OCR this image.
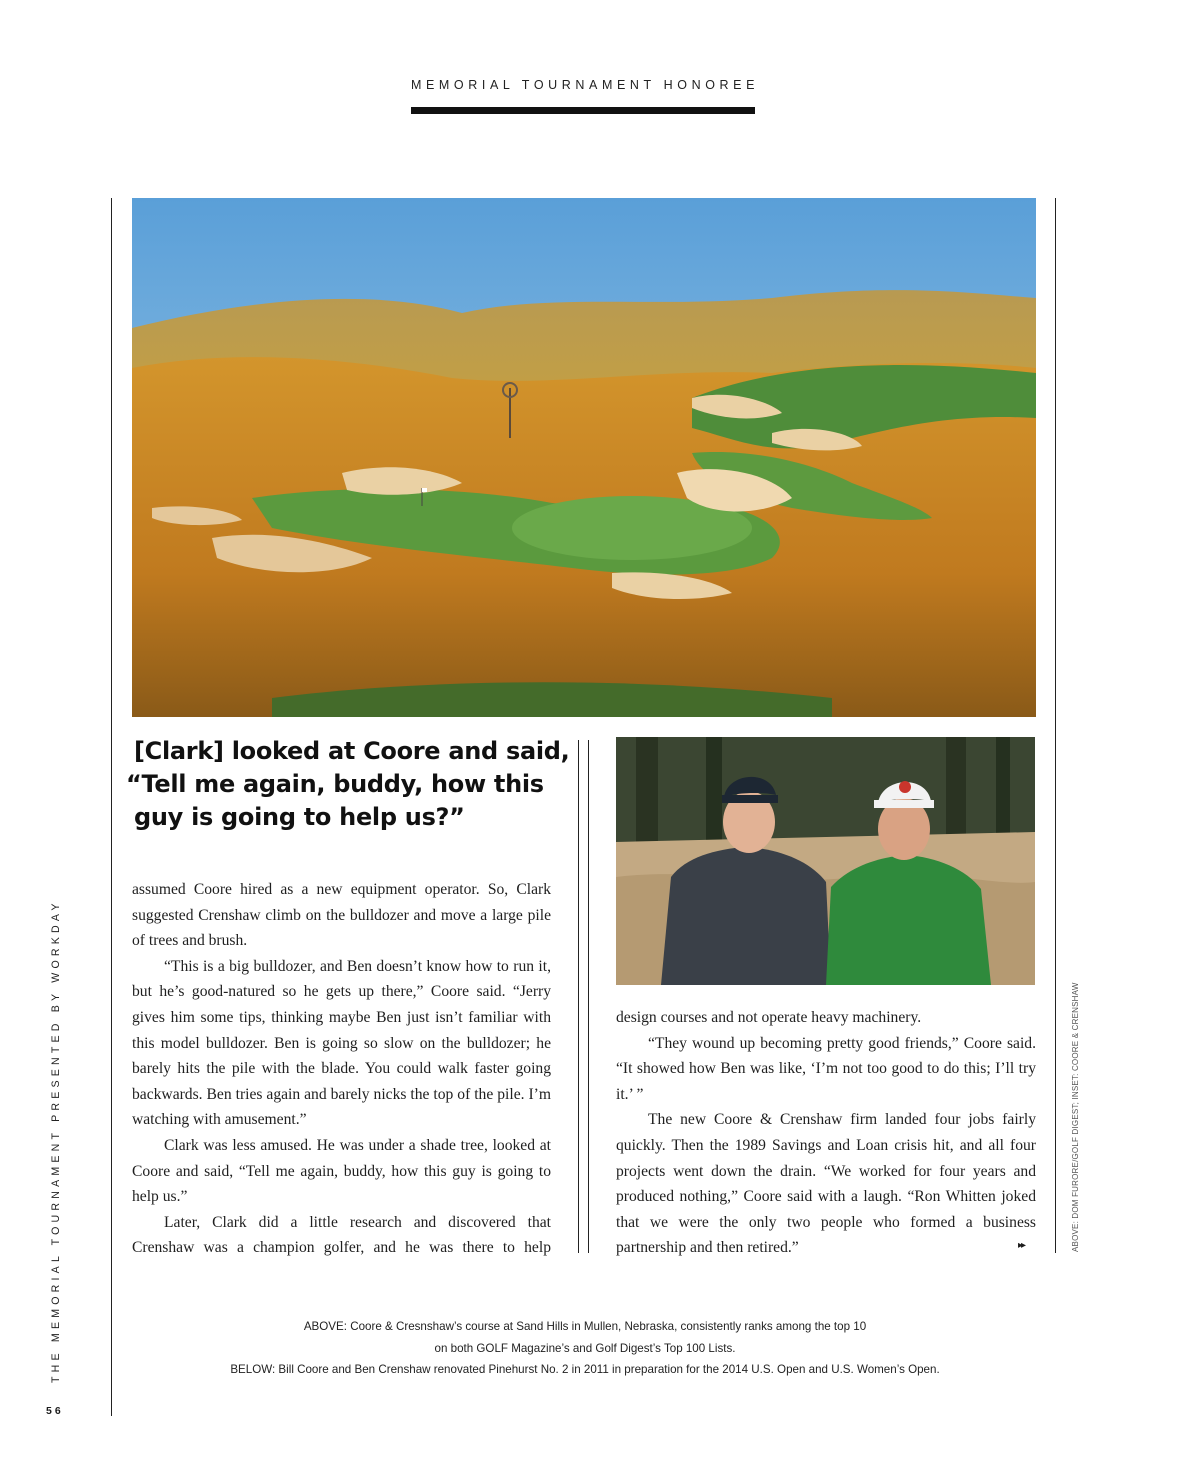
MEMORIAL TOURNAMENT HONOREE
[Clark] looked at Coore and said,
“Tell me again, buddy, how this
guy is going to help us?”

assumed Coore hired as a new equipment operator. So, Clark suggested Crenshaw climb on the bulldozer and move a large pile of trees and brush.

“This is a big bulldozer, and Ben doesn’t know how to run it, but he’s good-natured so he gets up there,” Coore said. “Jerry gives him some tips, thinking maybe Ben just isn’t familiar with this model bulldozer. Ben is going so slow on the bulldozer; he barely hits the pile with the blade. You could walk faster going backwards. Ben tries again and barely nicks the top of the pile. I’m watching with amusement.”

Clark was less amused. He was under a shade tree, looked at Coore and said, “Tell me again, buddy, how this guy is going to help us.”

Later, Clark did a little research and discovered that Crenshaw was a champion golfer, and he was there to help

design courses and not operate heavy machinery.

“They wound up becoming pretty good friends,” Coore said. “It showed how Ben was like, ‘I’m not too good to do this; I’ll try it.’ ”

The new Coore & Crenshaw firm landed four jobs fairly quickly. Then the 1989 Savings and Loan crisis hit, and all four projects went down the drain. “We worked for four years and produced nothing,” Coore said with a laugh. “Ron Whitten joked that we were the only two people who formed a business partnership and then retired.”	▸▸
ABOVE: Coore & Cresnshaw’s course at Sand Hills in Mullen, Nebraska, consistently ranks among the top 10
on both GOLF Magazine’s and Golf Digest’s Top 100 Lists.
BELOW: Bill Coore and Ben Crenshaw renovated Pinehurst No. 2 in 2011 in preparation for the 2014 U.S. Open and U.S. Women’s Open.
THE MEMORIAL TOURNAMENT PRESENTED BY WORKDAY	ABOVE: DOM FURORE/GOLF DIGEST; INSET: COORE & CRENSHAW
56
